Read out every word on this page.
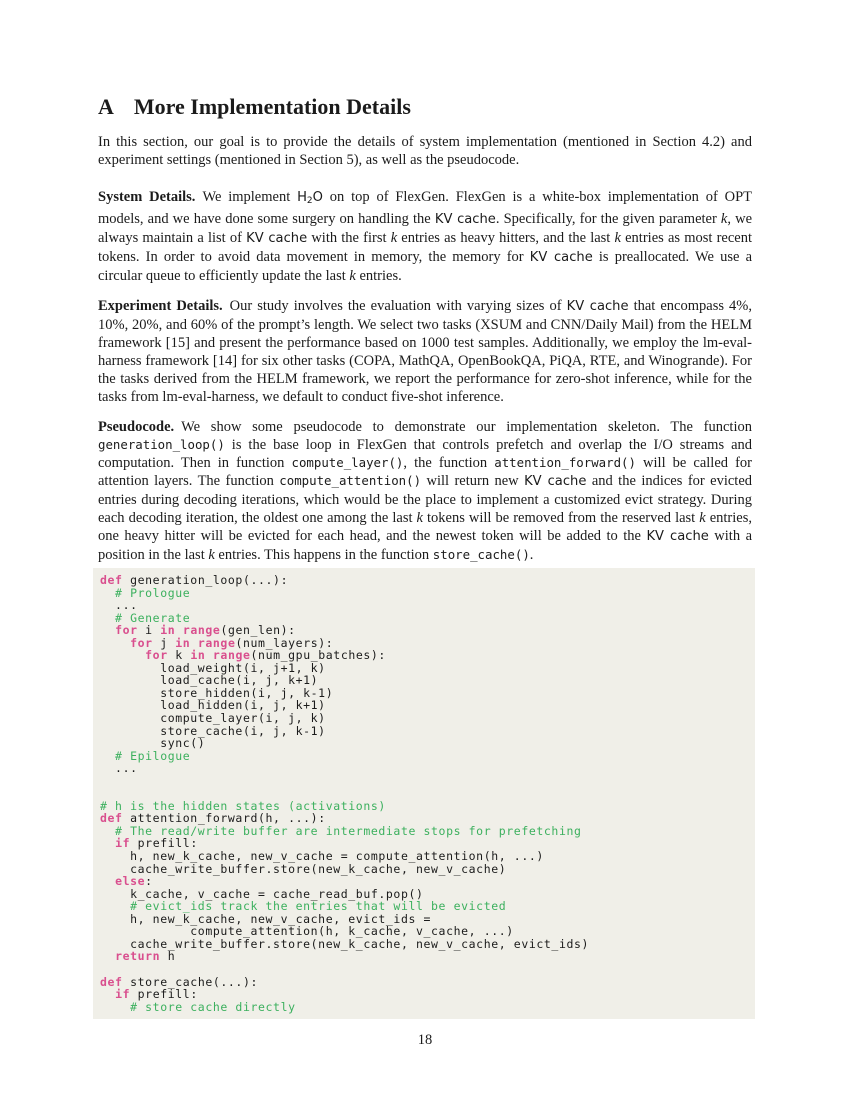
A More Implementation Details

In this section, our goal is to provide the details of system implementation (mentioned in Section 4.2) and experiment settings (mentioned in Section 5), as well as the pseudocode.

System Details. We implement H2O on top of FlexGen. FlexGen is a white-box implementation of OPT models, and we have done some surgery on handling the KV cache. Specifically, for the given parameter k, we always maintain a list of KV cache with the first k entries as heavy hitters, and the last k entries as most recent tokens. In order to avoid data movement in memory, the memory for KV cache is preallocated. We use a circular queue to efficiently update the last k entries.

Experiment Details. Our study involves the evaluation with varying sizes of KV cache that encompass 4%, 10%, 20%, and 60% of the prompt’s length. We select two tasks (XSUM and CNN/Daily Mail) from the HELM framework [15] and present the performance based on 1000 test samples. Additionally, we employ the lm-eval-harness framework [14] for six other tasks (COPA, MathQA, OpenBookQA, PiQA, RTE, and Winogrande). For the tasks derived from the HELM framework, we report the performance for zero-shot inference, while for the tasks from lm-eval-harness, we default to conduct five-shot inference.

Pseudocode. We show some pseudocode to demonstrate our implementation skeleton. The function generation_loop() is the base loop in FlexGen that controls prefetch and overlap the I/O streams and computation. Then in function compute_layer(), the function attention_forward() will be called for attention layers. The function compute_attention() will return new KV cache and the indices for evicted entries during decoding iterations, which would be the place to implement a customized evict strategy. During each decoding iteration, the oldest one among the last k tokens will be removed from the reserved last k entries, one heavy hitter will be evicted for each head, and the newest token will be added to the KV cache with a position in the last k entries. This happens in the function store_cache().

def generation_loop(...):
# Prologue
...
# Generate
for i in range(gen_len):
for j in range(num_layers):
for k in range(num_gpu_batches):
load_weight(i, j+1, k)
load_cache(i, j, k+1)
store_hidden(i, j, k-1)
load_hidden(i, j, k+1)
compute_layer(i, j, k)
store_cache(i, j, k-1)
sync()
# Epilogue
...

# h is the hidden states (activations)
def attention_forward(h, ...):
# The read/write buffer are intermediate stops for prefetching
if prefill:
h, new_k_cache, new_v_cache = compute_attention(h, ...)
cache_write_buffer.store(new_k_cache, new_v_cache)
else:
k_cache, v_cache = cache_read_buf.pop()
# evict_ids track the entries that will be evicted
h, new_k_cache, new_v_cache, evict_ids =
compute_attention(h, k_cache, v_cache, ...)
cache_write_buffer.store(new_k_cache, new_v_cache, evict_ids)
return h

def store_cache(...):
if prefill:
# store cache directly
18
